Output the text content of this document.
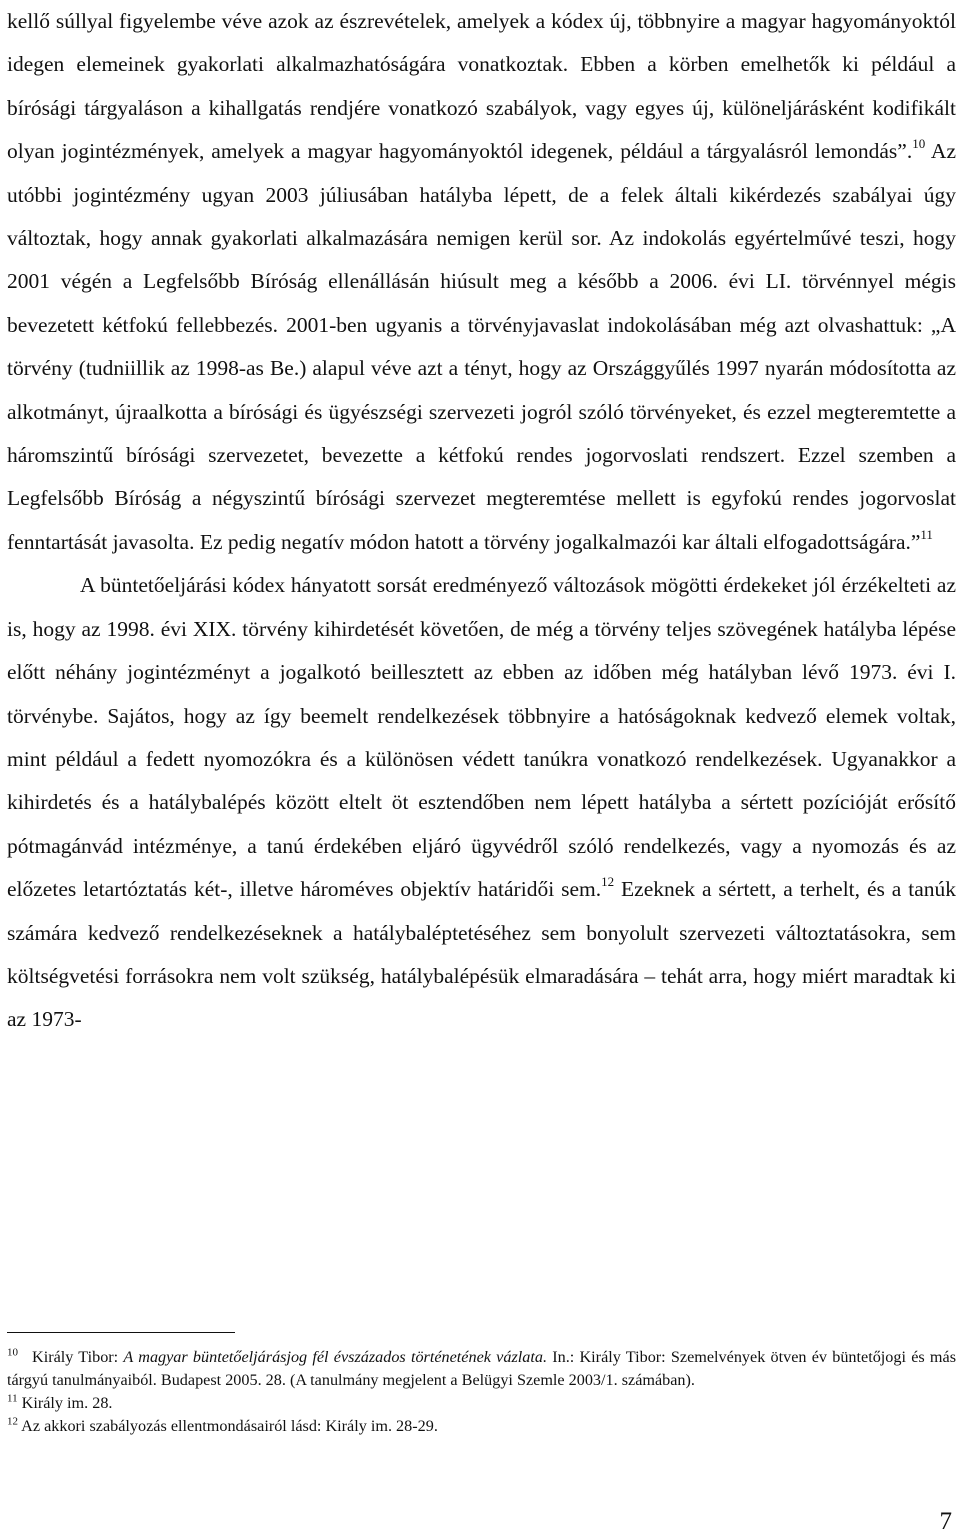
kellő súllyal figyelembe véve azok az észrevételek, amelyek a kódex új, többnyire a magyar hagyományoktól idegen elemeinek gyakorlati alkalmazhatóságára vonatkoztak. Ebben a körben emelhetők ki például a bírósági tárgyaláson a kihallgatás rendjére vonatkozó szabályok, vagy egyes új, különeljárásként kodifikált olyan jogintézmények, amelyek a magyar hagyományoktól idegenek, például a tárgyalásról lemondás”.$^{10}$ Az utóbbi jogintézmény ugyan 2003 júliusában hatályba lépett, de a felek általi kikérdezés szabályai úgy változtak, hogy annak gyakorlati alkalmazására nemigen kerül sor. Az indokolás egyértelművé teszi, hogy 2001 végén a Legfelsőbb Bíróság ellenállásán hiúsult meg a később a 2006. évi LI. törvénnyel mégis bevezetett kétfokú fellebbezés. 2001-ben ugyanis a törvényjavaslat indokolásában még azt olvashattuk: „A törvény (tudniillik az 1998-as Be.) alapul véve azt a tényt, hogy az Országgyűlés 1997 nyarán módosította az alkotmányt, újraalkotta a bírósági és ügyészségi szervezeti jogról szóló törvényeket, és ezzel megteremtette a háromszintű bírósági szervezetet, bevezette a kétfokú rendes jogorvoslati rendszert. Ezzel szemben a Legfelsőbb Bíróság a négyszintű bírósági szervezet megteremtése mellett is egyfokú rendes jogorvoslat fenntartását javasolta. Ez pedig negatív módon hatott a törvény jogalkalmazói kar általi elfogadottságára.”$^{11}$

A büntetőeljárási kódex hányatott sorsát eredményező változások mögötti érdekeket jól érzékelteti az is, hogy az 1998. évi XIX. törvény kihirdetését követően, de még a törvény teljes szövegének hatályba lépése előtt néhány jogintézményt a jogalkotó beillesztett az ebben az időben még hatályban lévő 1973. évi I. törvénybe. Sajátos, hogy az így beemelt rendelkezések többnyire a hatóságoknak kedvező elemek voltak, mint például a fedett nyomozókra és a különösen védett tanúkra vonatkozó rendelkezések. Ugyanakkor a kihirdetés és a hatálybalépés között eltelt öt esztendőben nem lépett hatályba a sértett pozícióját erősítő pótmagánvád intézménye, a tanú érdekében eljáró ügyvédről szóló rendelkezés, vagy a nyomozás és az előzetes letartóztatás két-, illetve hároméves objektív határidői sem.$^{12}$ Ezeknek a sértett, a terhelt, és a tanúk számára kedvező rendelkezéseknek a hatálybaléptetéséhez sem bonyolult szervezeti változtatásokra, sem költségvetési forrásokra nem volt szükség, hatálybalépésük elmaradására – tehát arra, hogy miért maradtak ki az 1973-

$^{10}$ Király Tibor: A magyar büntetőeljárásjog fél évszázados történetének vázlata. In.: Király Tibor: Szemelvények ötven év büntetőjogi és más tárgyú tanulmányaiból. Budapest 2005. 28. (A tanulmány megjelent a Belügyi Szemle 2003/1. számában).

$^{11}$ Király im. 28.

$^{12}$ Az akkori szabályozás ellentmondásairól lásd: Király im. 28-29.

7
